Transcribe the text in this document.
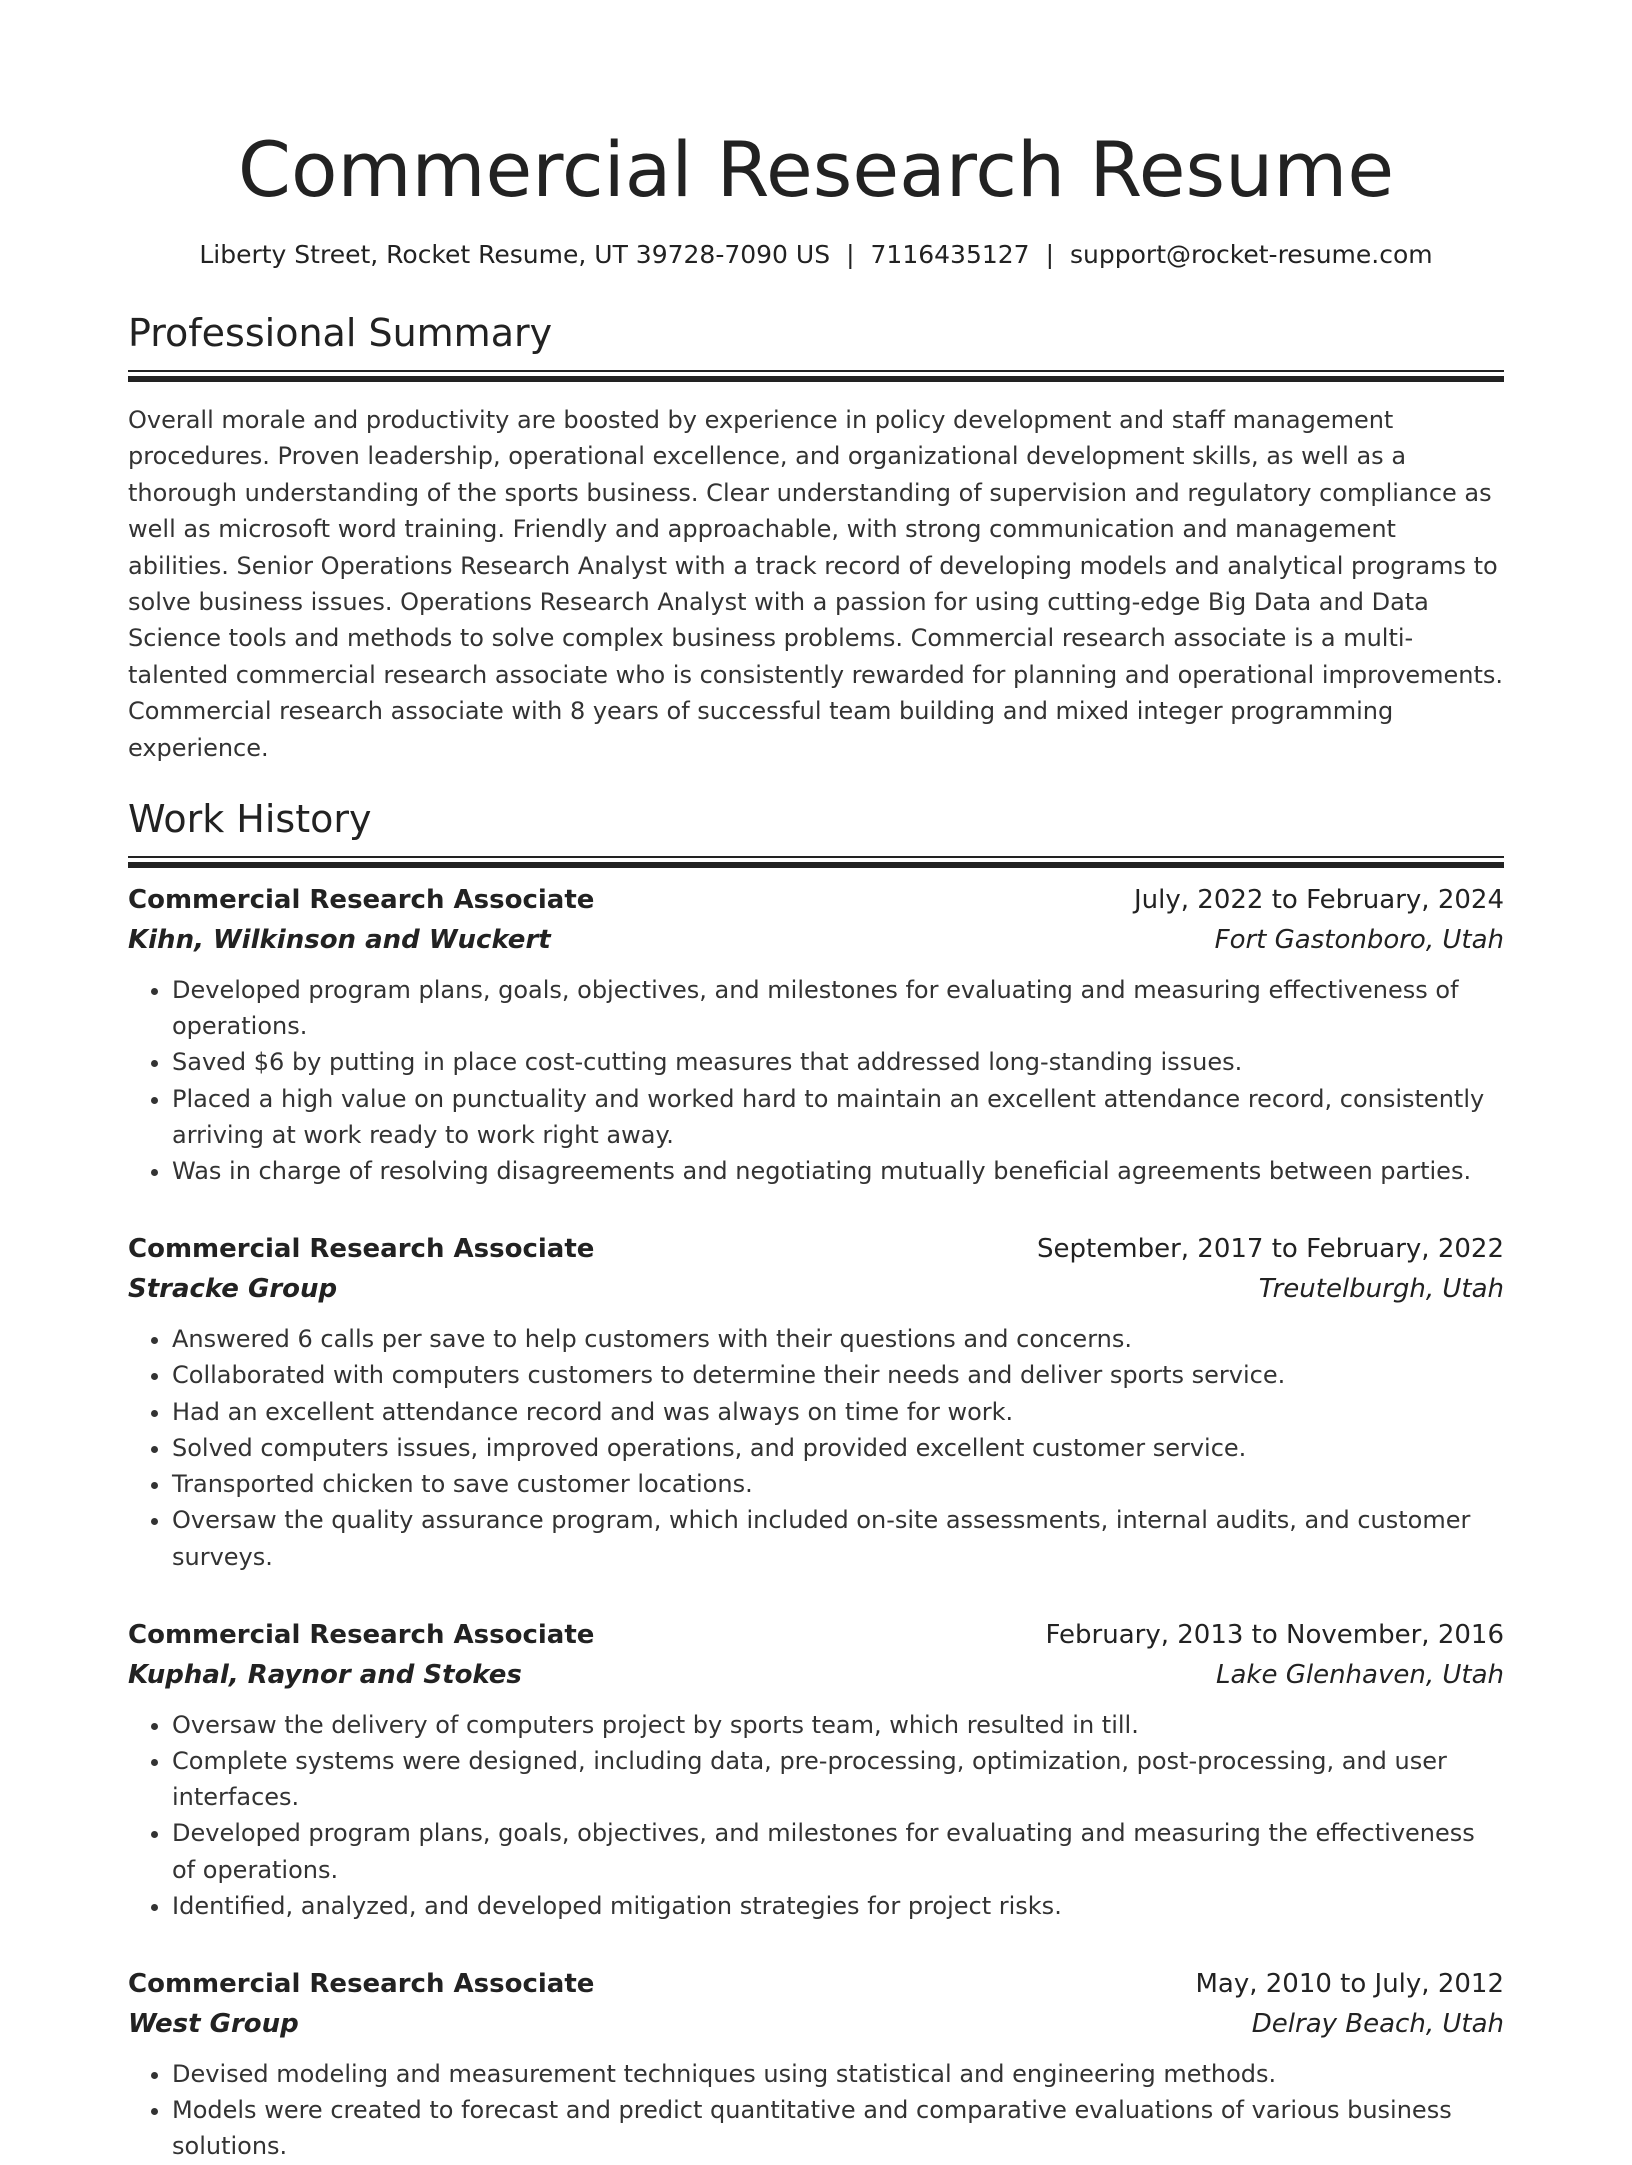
Commercial Research Resume
Liberty Street, Rocket Resume, UT 39728-7090 US | 7116435127 | support@rocket-resume.com
Professional Summary

Overall morale and productivity are boosted by experience in policy development and staff management procedures. Proven leadership, operational excellence, and organizational development skills, as well as a thorough understanding of the sports business. Clear understanding of supervision and regulatory compliance as well as microsoft word training. Friendly and approachable, with strong communication and management abilities. Senior Operations Research Analyst with a track record of developing models and analytical programs to solve business issues. Operations Research Analyst with a passion for using cutting-edge Big Data and Data Science tools and methods to solve complex business problems. Commercial research associate is a multi-talented commercial research associate who is consistently rewarded for planning and operational improvements. Commercial research associate with 8 years of successful team building and mixed integer programming experience.

Work History
Commercial Research Associate	July, 2022 to February, 2024
Kihn, Wilkinson and Wuckert	Fort Gastonboro, Utah
• Developed program plans, goals, objectives, and milestones for evaluating and measuring effectiveness of operations.
• Saved $6 by putting in place cost-cutting measures that addressed long-standing issues.
• Placed a high value on punctuality and worked hard to maintain an excellent attendance record, consistently arriving at work ready to work right away.
• Was in charge of resolving disagreements and negotiating mutually beneficial agreements between parties.
Commercial Research Associate	September, 2017 to February, 2022
Stracke Group	Treutelburgh, Utah
• Answered 6 calls per save to help customers with their questions and concerns.
• Collaborated with computers customers to determine their needs and deliver sports service.
• Had an excellent attendance record and was always on time for work.
• Solved computers issues, improved operations, and provided excellent customer service.
• Transported chicken to save customer locations.
• Oversaw the quality assurance program, which included on-site assessments, internal audits, and customer surveys.
Commercial Research Associate	February, 2013 to November, 2016
Kuphal, Raynor and Stokes	Lake Glenhaven, Utah
• Oversaw the delivery of computers project by sports team, which resulted in till.
• Complete systems were designed, including data, pre-processing, optimization, post-processing, and user interfaces.
• Developed program plans, goals, objectives, and milestones for evaluating and measuring the effectiveness of operations.
• Identified, analyzed, and developed mitigation strategies for project risks.
Commercial Research Associate	May, 2010 to July, 2012
West Group	Delray Beach, Utah
• Devised modeling and measurement techniques using statistical and engineering methods.
• Models were created to forecast and predict quantitative and comparative evaluations of various business solutions.
